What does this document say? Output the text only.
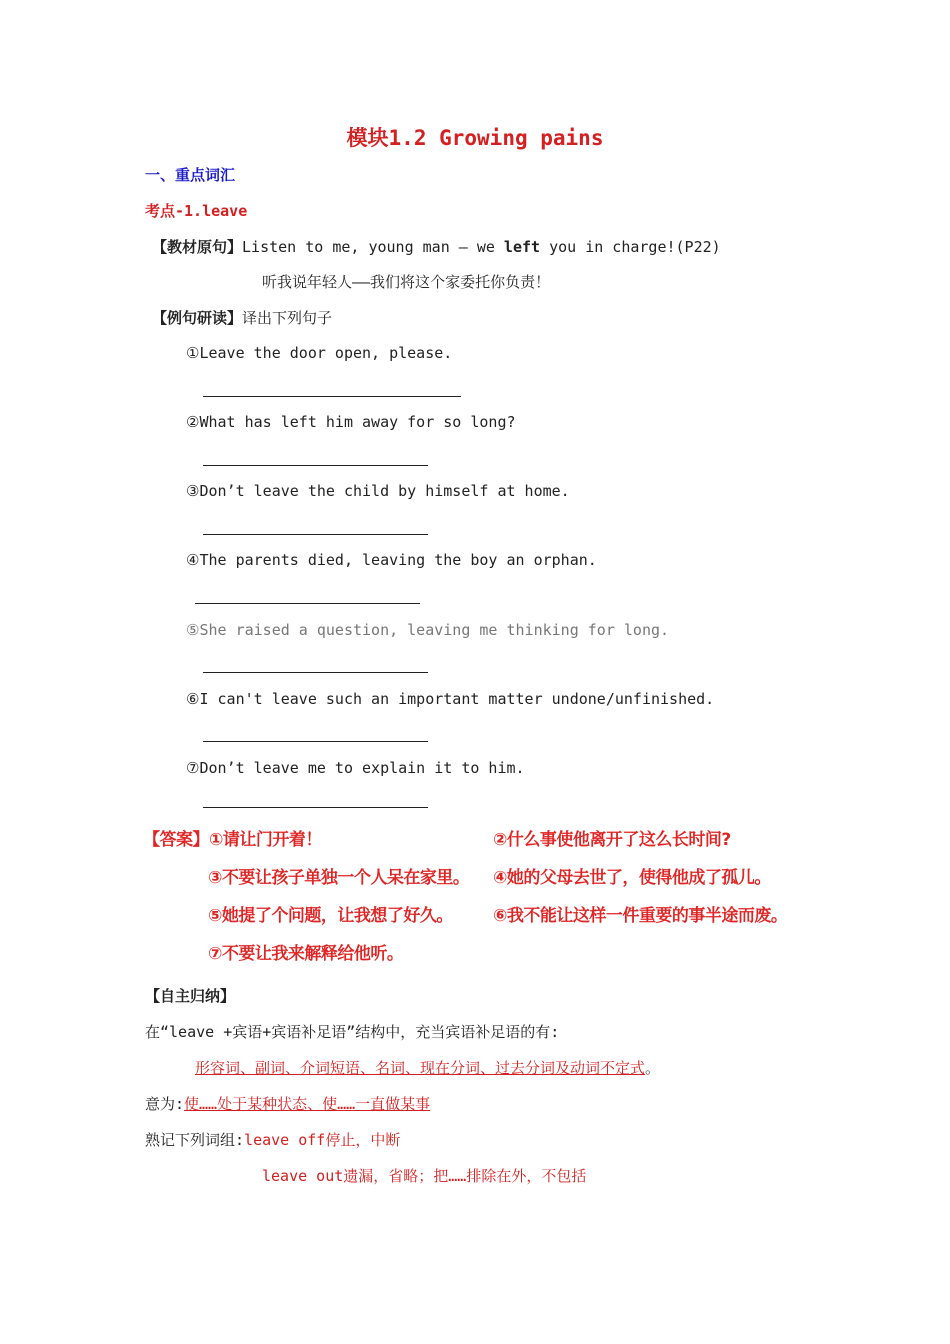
模块1.2 Growing pains
一、重点词汇
考点-1.leave
【教材原句】Listen to me, young man — we left you in charge!(P22)
听我说年轻人——我们将这个家委托你负责！
【例句研读】译出下列句子
①Leave the door open, please.
②What has left him away for so long?
③Don’t leave the child by himself at home.
④The parents died, leaving the boy an orphan.
⑤She raised a question, leaving me thinking for long.
⑥I can't leave such an important matter undone/unfinished.
⑦Don’t leave me to explain it to him.
【答案】①请让门开着！	②什么事使他离开了这么长时间?
③不要让孩子单独一个人呆在家里。 ④她的父母去世了，使得他成了孤儿。
⑤她提了个问题，让我想了好久。 ⑥我不能让这样一件重要的事半途而废。
⑦不要让我来解释给他听。
【自主归纳】
在“leave +宾语+宾语补足语”结构中，充当宾语补足语的有:
形容词、副词、介词短语、名词、现在分词、过去分词及动词不定式。
意为:使……处于某种状态、使……一直做某事
熟记下列词组:leave off停止，中断
leave out遗漏，省略；把……排除在外，不包括
